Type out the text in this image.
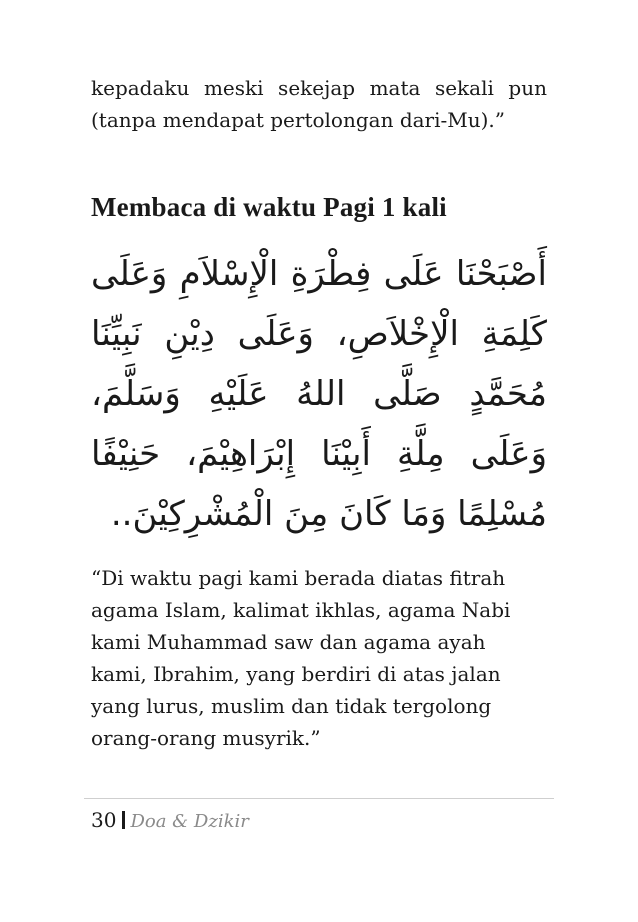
kepadaku meski sekejap mata sekali pun (tanpa mendapat pertolongan dari-Mu).”

Membaca di waktu Pagi 1 kali

أَصْبَحْنَا عَلَى فِطْرَةِ الْإِسْلاَمِ وَعَلَى كَلِمَةِ الْإِخْلاَصِ، وَعَلَى دِيْنِ نَبِيِّنَا مُحَمَّدٍ صَلَّى اللهُ عَلَيْهِ وَسَلَّمَ، وَعَلَى مِلَّةِ أَبِيْنَا إِبْرَاهِيْمَ، حَنِيْفًا مُسْلِمًا وَمَا كَانَ مِنَ الْمُشْرِكِيْنَ..

“Di waktu pagi kami berada diatas fitrah agama Islam, kalimat ikhlas, agama Nabi kami Muhammad saw dan agama ayah kami, Ibrahim, yang berdiri di atas jalan yang lurus, muslim dan tidak tergolong orang-orang musyrik.”

30 Doa & Dzikir
